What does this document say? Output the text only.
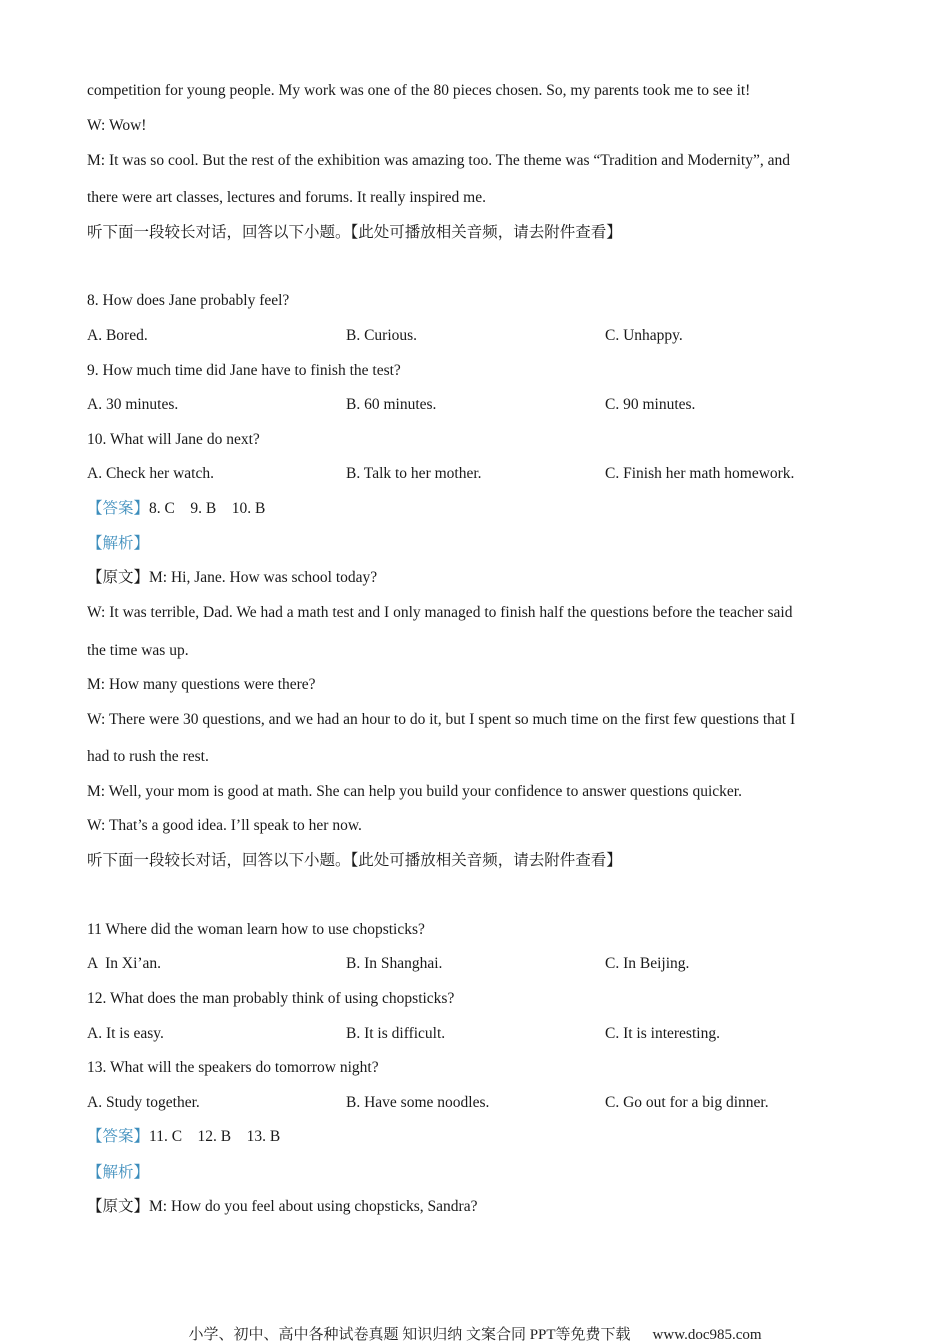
competition for young people. My work was one of the 80 pieces chosen. So, my parents took me to see it!
W: Wow!
M: It was so cool. But the rest of the exhibition was amazing too. The theme was “Tradition and Modernity”, and
there were art classes, lectures and forums. It really inspired me.
听下面一段较长对话，回答以下小题。【此处可播放相关音频，请去附件查看】
8. How does Jane probably feel?
A. Bored.	B. Curious.	C. Unhappy.
9. How much time did Jane have to finish the test?
A. 30 minutes.	B. 60 minutes.	C. 90 minutes.
10. What will Jane do next?
A. Check her watch.	B. Talk to her mother.	C. Finish her math homework.
【答案】8. C    9. B    10. B
【解析】
【原文】M: Hi, Jane. How was school today?
W: It was terrible, Dad. We had a math test and I only managed to finish half the questions before the teacher said
the time was up.
M: How many questions were there?
W: There were 30 questions, and we had an hour to do it, but I spent so much time on the first few questions that I
had to rush the rest.
M: Well, your mom is good at math. She can help you build your confidence to answer questions quicker.
W: That’s a good idea. I’ll speak to her now.
听下面一段较长对话，回答以下小题。【此处可播放相关音频，请去附件查看】
11 Where did the woman learn how to use chopsticks?
A  In Xi’an.	B. In Shanghai.	C. In Beijing.
12. What does the man probably think of using chopsticks?
A. It is easy.	B. It is difficult.	C. It is interesting.
13. What will the speakers do tomorrow night?
A. Study together.	B. Have some noodles.	C. Go out for a big dinner.
【答案】11. C    12. B    13. B
【解析】
【原文】M: How do you feel about using chopsticks, Sandra?
小学、初中、高中各种试卷真题 知识归纳 文案合同 PPT等免费下载 www.doc985.com
